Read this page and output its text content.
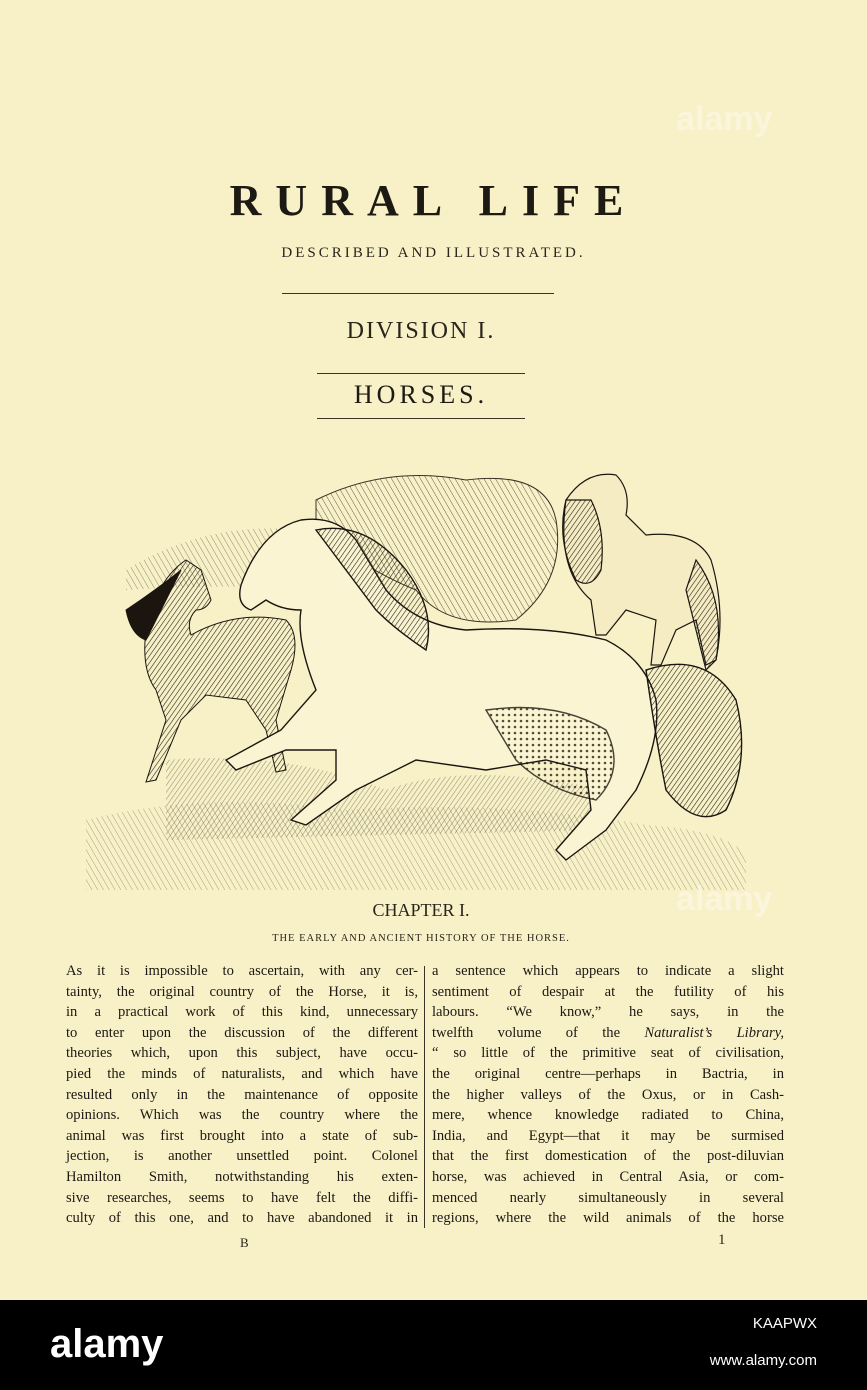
RURAL LIFE
DESCRIBED AND ILLUSTRATED.
DIVISION I.
HORSES.
CHAPTER I.
THE EARLY AND ANCIENT HISTORY OF THE HORSE.
As it is impossible to ascertain, with any cer-
tainty, the original country of the Horse, it is,
in a practical work of this kind, unnecessary
to enter upon the discussion of the different
theories which, upon this subject, have occu-
pied the minds of naturalists, and which have
resulted only in the maintenance of opposite
opinions. Which was the country where the
animal was first brought into a state of sub-
jection, is another unsettled point. Colonel
Hamilton Smith, notwithstanding his exten-
sive researches, seems to have felt the diffi-
culty of this one, and to have abandoned it in
a sentence which appears to indicate a slight
sentiment of despair at the futility of his
labours. “We know,” he says, in the
twelfth volume of the Naturalist’s Library,
“ so little of the primitive seat of civilisation,
the original centre—perhaps in Bactria, in
the higher valleys of the Oxus, or in Cash-
mere, whence knowledge radiated to China,
India, and Egypt—that it may be surmised
that the first domestication of the post-diluvian
horse, was achieved in Central Asia, or com-
menced nearly simultaneously in several
regions, where the wild animals of the horse
B	1
alamy
alamy
alamy	KAAPWX
www.alamy.com
